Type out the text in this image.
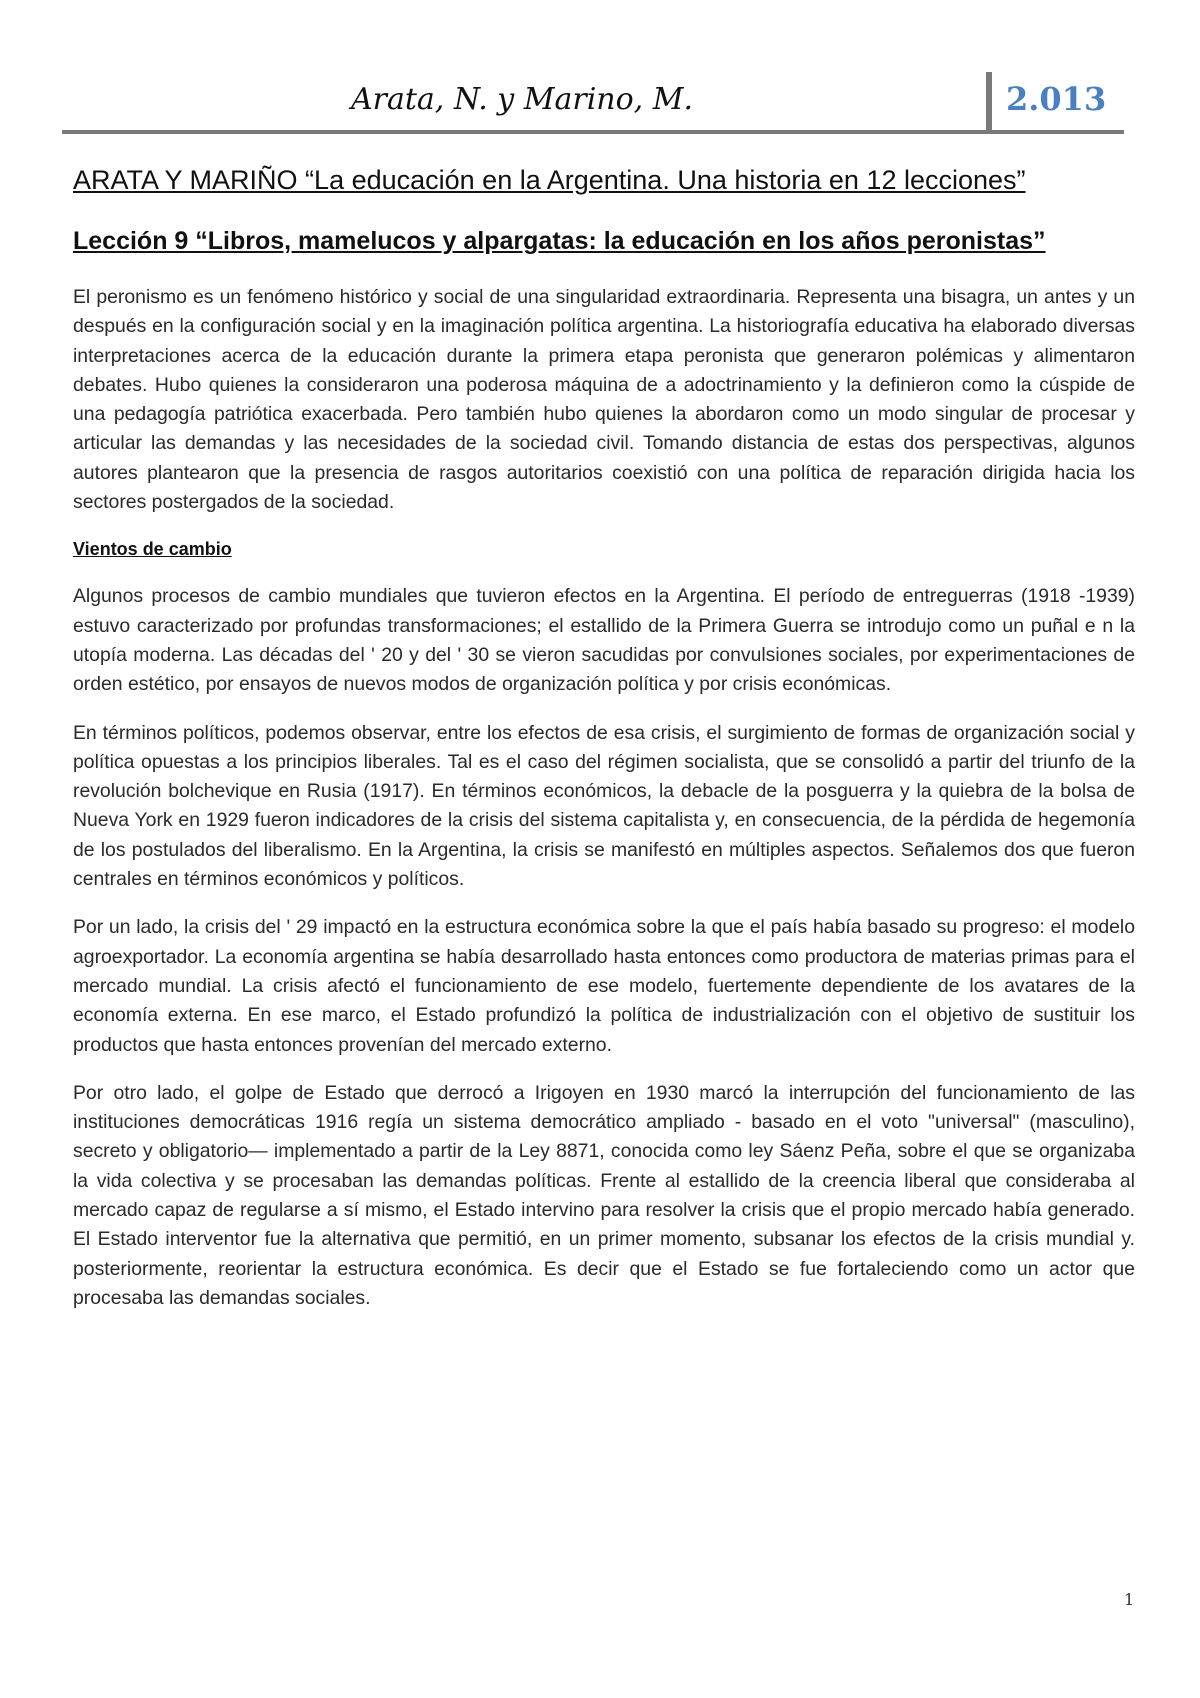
Arata, N. y Marino, M.	2.013
ARATA Y MARIÑO “La educación en la Argentina. Una historia en 12 lecciones”
Lección 9 “Libros, mamelucos y alpargatas: la educación en los años peronistas”

El peronismo es un fenómeno histórico y social de una singularidad extraordinaria. Representa una bisagra, un antes y un después en la configuración social y en la imaginación política argentina. La historiografía educativa ha elaborado diversas interpretaciones acerca de la educación durante la primera etapa peronista que generaron polémicas y alimentaron debates. Hubo quienes la consideraron una poderosa máquina de a adoctrinamiento y la definieron como la cúspide de una pedagogía patriótica exacerbada. Pero también hubo quienes la abordaron como un modo singular de procesar y articular las demandas y las necesidades de la sociedad civil. Tomando distancia de estas dos perspectivas, algunos autores plantearon que la presencia de rasgos autoritarios coexistió con una política de reparación dirigida hacia los sectores postergados de la sociedad.

Vientos de cambio

Algunos procesos de cambio mundiales que tuvieron efectos en la Argentina. El período de entreguerras (1918 -1939) estuvo caracterizado por profundas transformaciones; el estallido de la Primera Guerra se introdujo como un puñal e n la utopía moderna. Las décadas del ' 20 y del ' 30 se vieron sacudidas por convulsiones sociales, por experimentaciones de orden estético, por ensayos de nuevos modos de organización política y por crisis económicas.

En términos políticos, podemos observar, entre los efectos de esa crisis, el surgimiento de formas de organización social y política opuestas a los principios liberales. Tal es el caso del régimen socialista, que se consolidó a partir del triunfo de la revolución bolchevique en Rusia (1917). En términos económicos, la debacle de la posguerra y la quiebra de la bolsa de Nueva York en 1929 fueron indicadores de la crisis del sistema capitalista y, en consecuencia, de la pérdida de hegemonía de los postulados del liberalismo. En la Argentina, la crisis se manifestó en múltiples aspectos. Señalemos dos que fueron centrales en términos económicos y políticos.

Por un lado, la crisis del ' 29 impactó en la estructura económica sobre la que el país había basado su progreso: el modelo agroexportador. La economía argentina se había desarrollado hasta entonces como productora de materias primas para el mercado mundial. La crisis afectó el funcionamiento de ese modelo, fuertemente dependiente de los avatares de la economía externa. En ese marco, el Estado profundizó la política de industrialización con el objetivo de sustituir los productos que hasta entonces provenían del mercado externo.

Por otro lado, el golpe de Estado que derrocó a Irigoyen en 1930 marcó la interrupción del funcionamiento de las instituciones democráticas 1916 regía un sistema democrático ampliado - basado en el voto "universal" (masculino), secreto y obligatorio— implementado a partir de la Ley 8871, conocida como ley Sáenz Peña, sobre el que se organizaba la vida colectiva y se procesaban las demandas políticas. Frente al estallido de la creencia liberal que consideraba al mercado capaz de regularse a sí mismo, el Estado intervino para resolver la crisis que el propio mercado había generado. El Estado interventor fue la alternativa que permitió, en un primer momento, subsanar los efectos de la crisis mundial y. posteriormente, reorientar la estructura económica. Es decir que el Estado se fue fortaleciendo como un actor que procesaba las demandas sociales.

1
